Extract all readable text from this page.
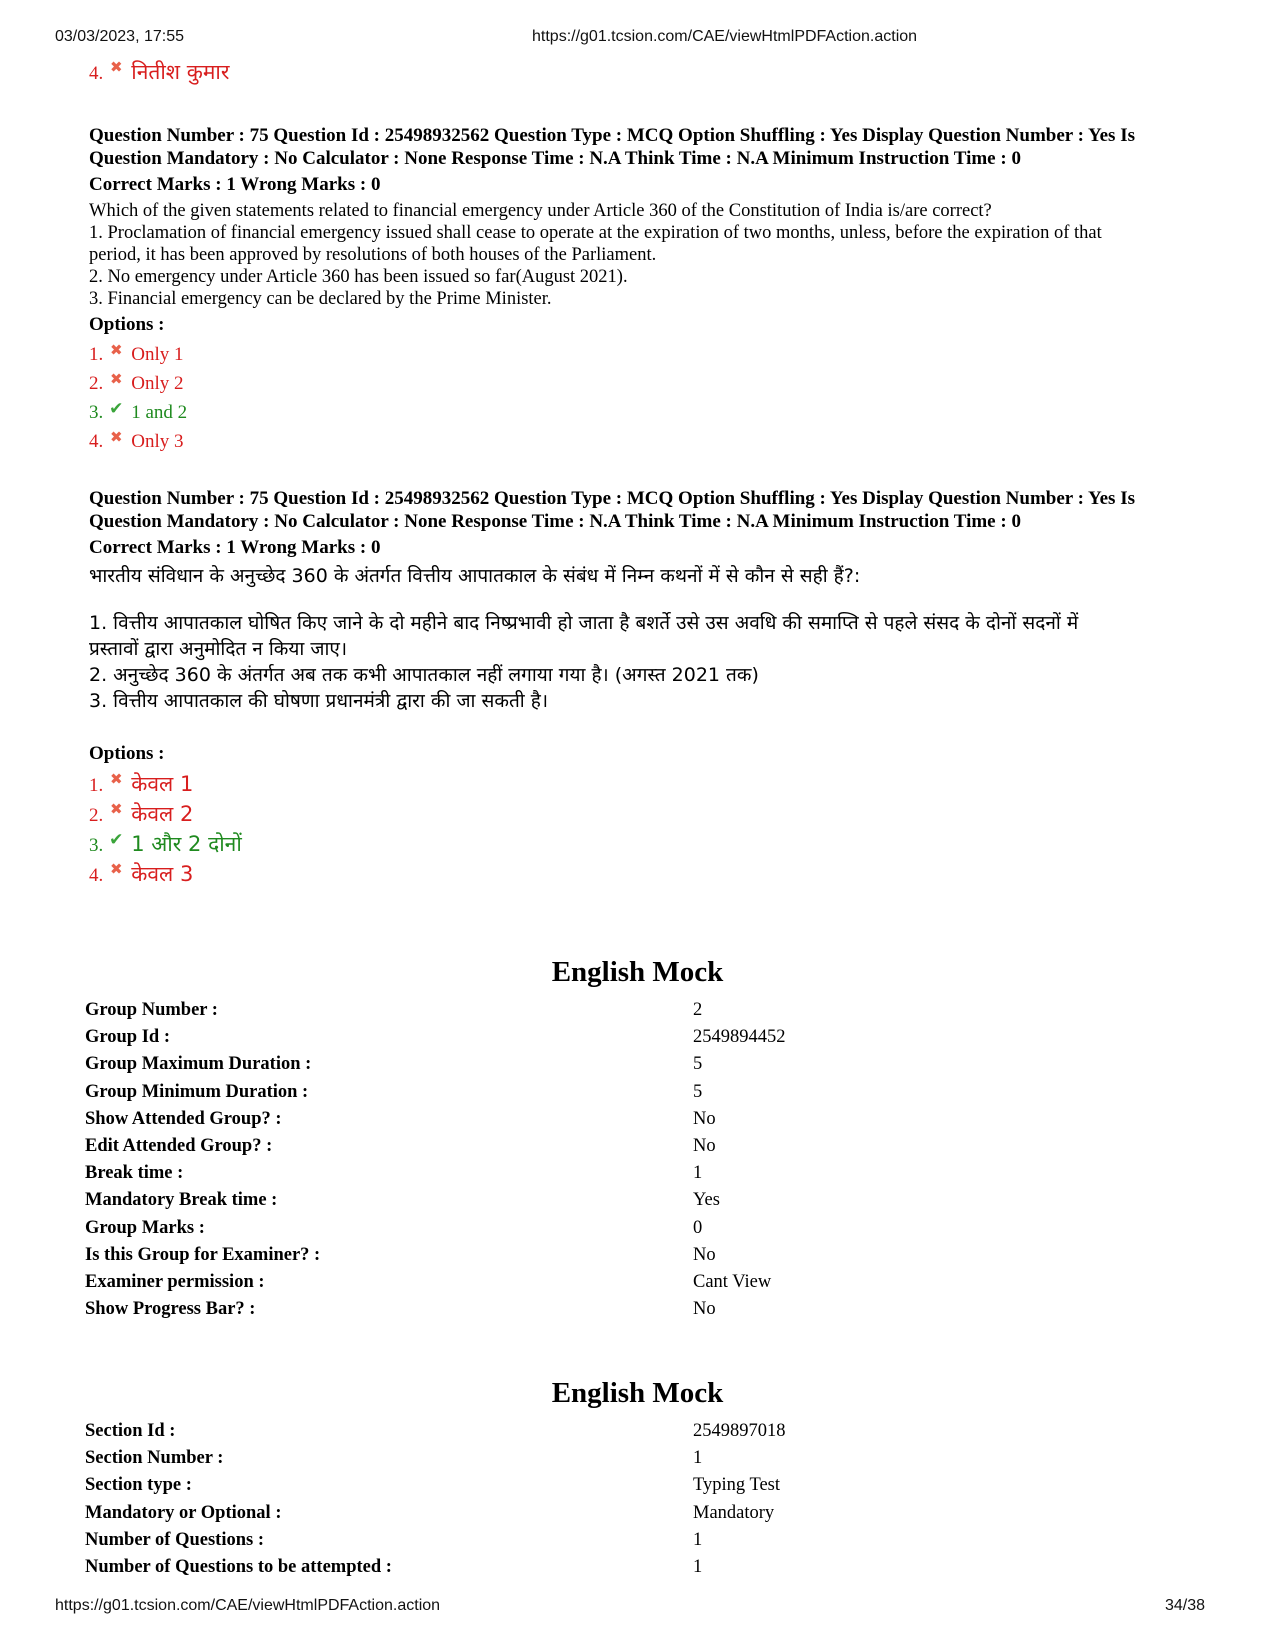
03/03/2023, 17:55	https://g01.tcsion.com/CAE/viewHtmlPDFAction.action
4. ✖ नितीश कुमार
Question Number : 75 Question Id : 25498932562 Question Type : MCQ Option Shuffling : Yes Display Question Number : Yes Is
Question Mandatory : No Calculator : None Response Time : N.A Think Time : N.A Minimum Instruction Time : 0
Correct Marks : 1 Wrong Marks : 0
Which of the given statements related to financial emergency under Article 360 of the Constitution of India is/are correct?
1. Proclamation of financial emergency issued shall cease to operate at the expiration of two months, unless, before the expiration of that
period, it has been approved by resolutions of both houses of the Parliament.
2. No emergency under Article 360 has been issued so far(August 2021).
3. Financial emergency can be declared by the Prime Minister.
Options :
1. ✖ Only 1
2. ✖ Only 2
3. ✔ 1 and 2
4. ✖ Only 3
Question Number : 75 Question Id : 25498932562 Question Type : MCQ Option Shuffling : Yes Display Question Number : Yes Is
Question Mandatory : No Calculator : None Response Time : N.A Think Time : N.A Minimum Instruction Time : 0
Correct Marks : 1 Wrong Marks : 0
भारतीय संविधान के अनुच्छेद 360 के अंतर्गत वित्तीय आपातकाल के संबंध में निम्न कथनों में से कौन से सही हैं?:
1. वित्तीय आपातकाल घोषित किए जाने के दो महीने बाद निष्प्रभावी हो जाता है बशर्ते उसे उस अवधि की समाप्ति से पहले संसद के दोनों सदनों में
प्रस्तावों द्वारा अनुमोदित न किया जाए।
2. अनुच्छेद 360 के अंतर्गत अब तक कभी आपातकाल नहीं लगाया गया है। (अगस्त 2021 तक)
3. वित्तीय आपातकाल की घोषणा प्रधानमंत्री द्वारा की जा सकती है।
Options :
1. ✖ केवल 1
2. ✖ केवल 2
3. ✔ 1 और 2 दोनों
4. ✖ केवल 3
English Mock
Group Number :	2
Group Id :	2549894452
Group Maximum Duration :	5
Group Minimum Duration :	5
Show Attended Group? :	No
Edit Attended Group? :	No
Break time :	1
Mandatory Break time :	Yes
Group Marks :	0
Is this Group for Examiner? :	No
Examiner permission :	Cant View
Show Progress Bar? :	No
English Mock
Section Id :	2549897018
Section Number :	1
Section type :	Typing Test
Mandatory or Optional :	Mandatory
Number of Questions :	1
Number of Questions to be attempted :	1
https://g01.tcsion.com/CAE/viewHtmlPDFAction.action	34/38
